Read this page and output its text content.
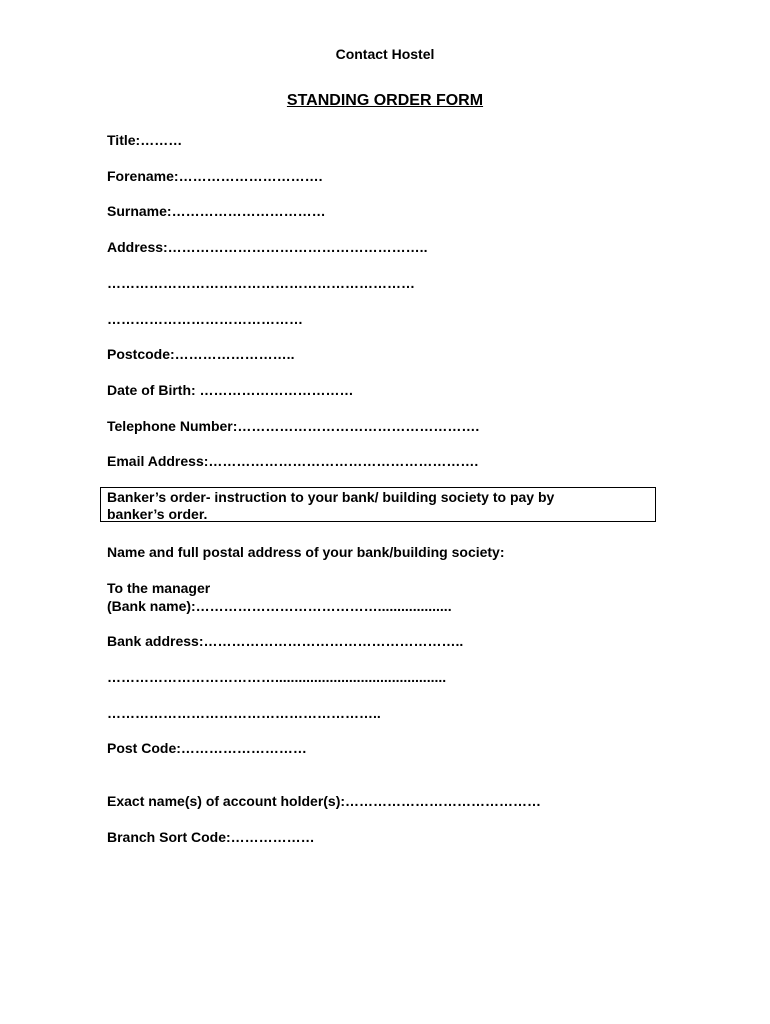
Contact Hostel
STANDING ORDER FORM
Title:………
Forename:………………………….
Surname:……………………………
Address:………………………………………………..
…………………………………………………………
……………………………………
Postcode:……………………..
Date of Birth: ……………………………
Telephone Number:…………………………………………….
Email Address:………………………………………………….
Banker’s order- instruction to your bank/ building society to pay by
banker’s order.
Name and full postal address of your bank/building society:
To the manager
(Bank name):…………………………………...................
Bank address:………………………………………………..
………………………………............................................
…………………………………………………..
Post Code:………………………
Exact name(s) of account holder(s):……………………………………
Branch Sort Code:………………
